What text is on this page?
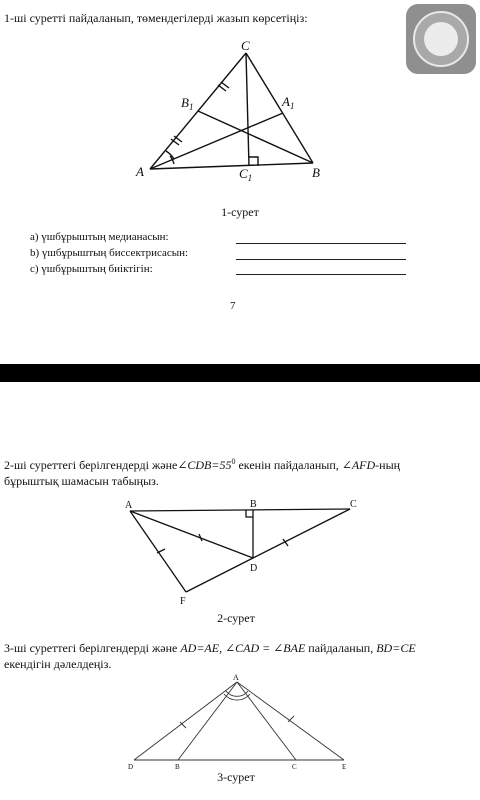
1-ші суретті пайдаланып, төмендегілерді жазып көрсетіңіз:
C
$B_1$	$A_1$
A	$C_1$	B
1-сурет
a) үшбұрыштың медианасын:
b) үшбұрыштың биссектрисасын:
c) үшбұрыштың биіктігін:
7
2-ші суреттегі берілгендерді $және\angle CDB=55^0$ екенін пайдаланып, ∠AFD-ның
бұрыштық шамасын табыңыз.
A	B	C
D
F
2-сурет
3-ші суреттегі берілгендерді және AD=AE, ∠CAD = ∠BAE пайдаланып, BD=CE
екендігін дәлелдеңіз.
A
D	B	C	E
3-сурет
